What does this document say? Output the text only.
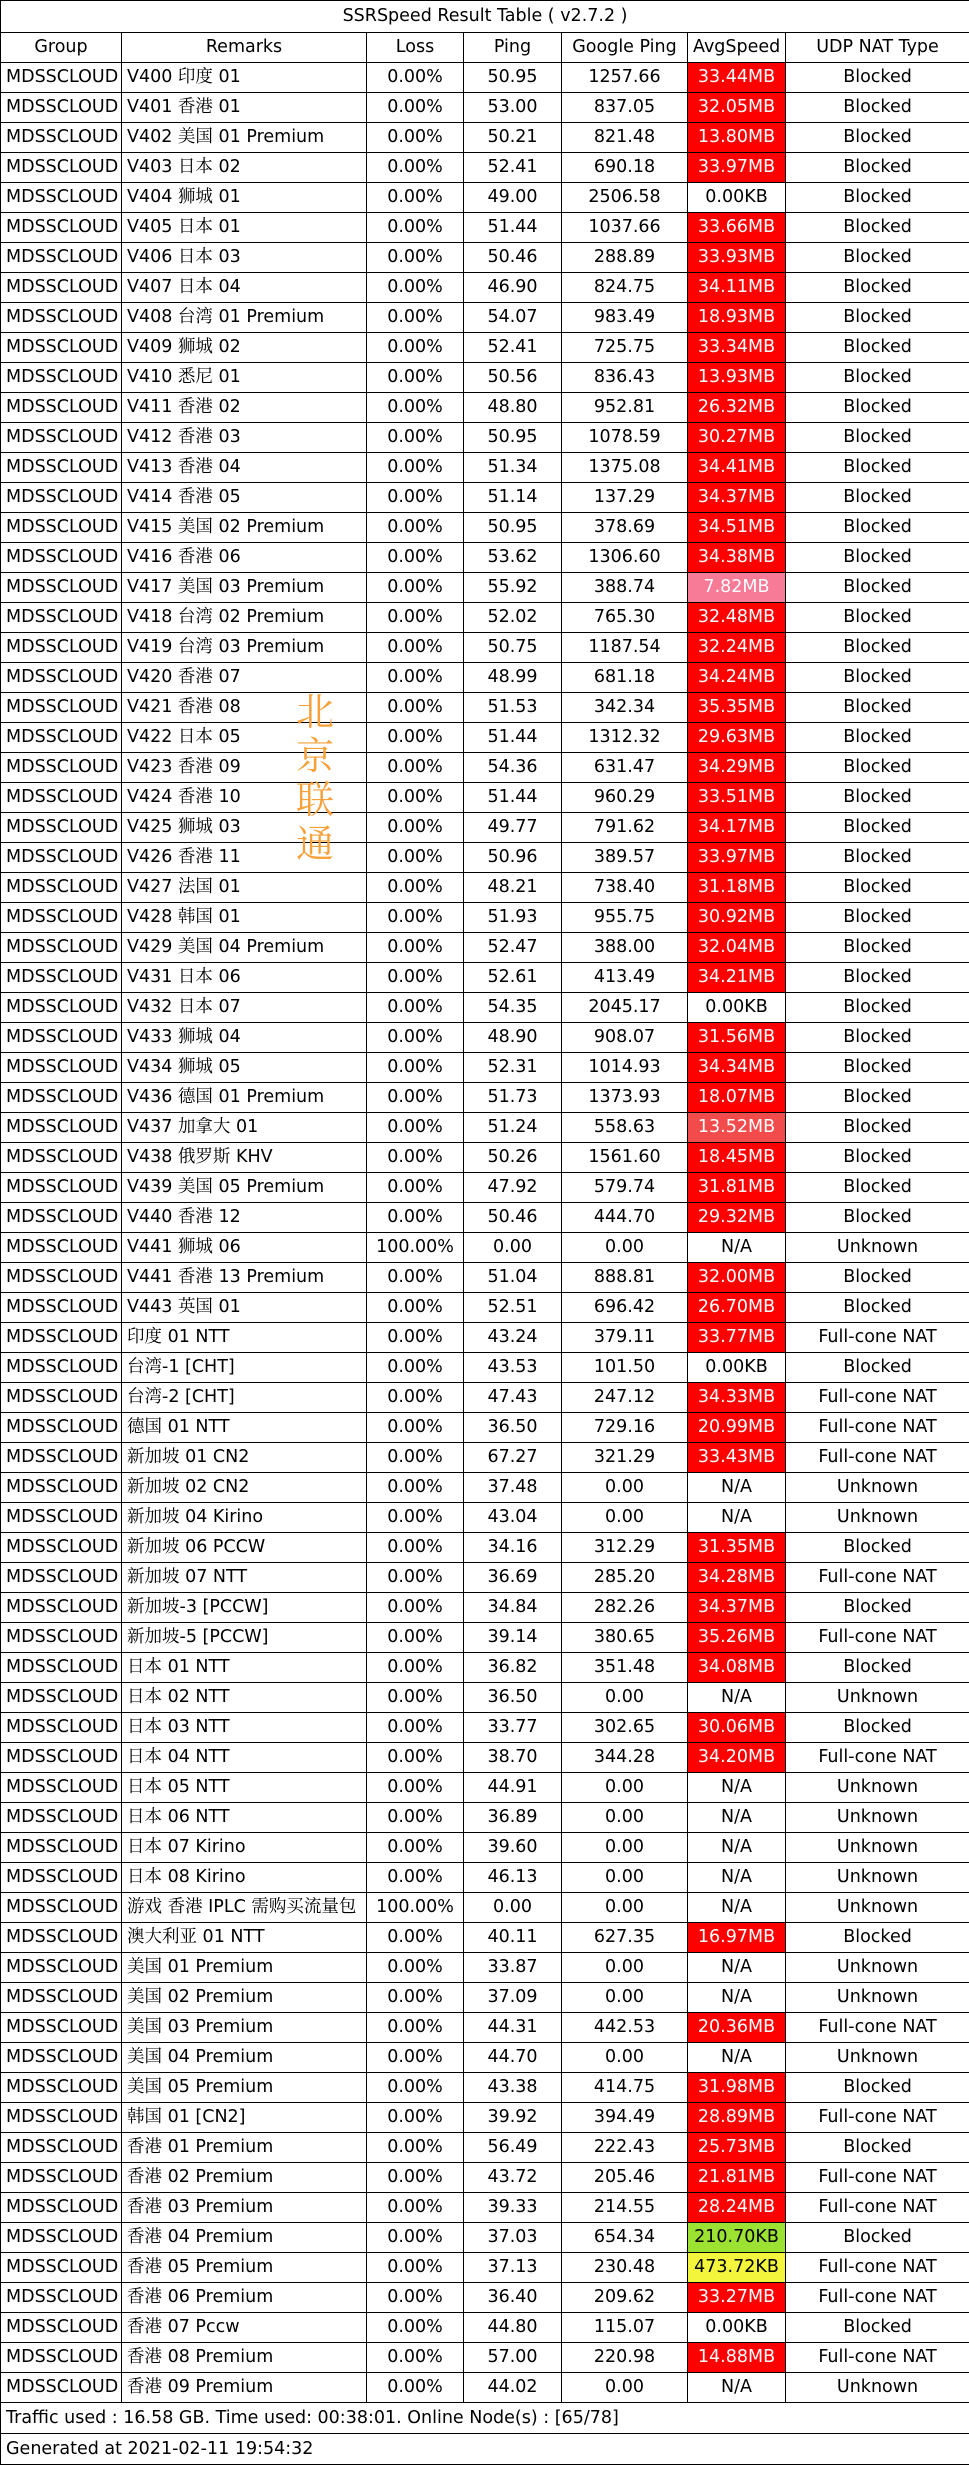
SSRSpeed Result Table ( v2.7.2 )						
Group	Remarks	Loss	Ping	Google Ping	AvgSpeed	UDP NAT Type
MDSSCLOUD	V400 印度 01	0.00%	50.95	1257.66	33.44MB	Blocked
MDSSCLOUD	V401 香港 01	0.00%	53.00	837.05	32.05MB	Blocked
MDSSCLOUD	V402 美国 01 Premium	0.00%	50.21	821.48	13.80MB	Blocked
MDSSCLOUD	V403 日本 02	0.00%	52.41	690.18	33.97MB	Blocked
MDSSCLOUD	V404 狮城 01	0.00%	49.00	2506.58	0.00KB	Blocked
MDSSCLOUD	V405 日本 01	0.00%	51.44	1037.66	33.66MB	Blocked
MDSSCLOUD	V406 日本 03	0.00%	50.46	288.89	33.93MB	Blocked
MDSSCLOUD	V407 日本 04	0.00%	46.90	824.75	34.11MB	Blocked
MDSSCLOUD	V408 台湾 01 Premium	0.00%	54.07	983.49	18.93MB	Blocked
MDSSCLOUD	V409 狮城 02	0.00%	52.41	725.75	33.34MB	Blocked
MDSSCLOUD	V410 悉尼 01	0.00%	50.56	836.43	13.93MB	Blocked
MDSSCLOUD	V411 香港 02	0.00%	48.80	952.81	26.32MB	Blocked
MDSSCLOUD	V412 香港 03	0.00%	50.95	1078.59	30.27MB	Blocked
MDSSCLOUD	V413 香港 04	0.00%	51.34	1375.08	34.41MB	Blocked
MDSSCLOUD	V414 香港 05	0.00%	51.14	137.29	34.37MB	Blocked
MDSSCLOUD	V415 美国 02 Premium	0.00%	50.95	378.69	34.51MB	Blocked
MDSSCLOUD	V416 香港 06	0.00%	53.62	1306.60	34.38MB	Blocked
MDSSCLOUD	V417 美国 03 Premium	0.00%	55.92	388.74	7.82MB	Blocked
MDSSCLOUD	V418 台湾 02 Premium	0.00%	52.02	765.30	32.48MB	Blocked
MDSSCLOUD	V419 台湾 03 Premium	0.00%	50.75	1187.54	32.24MB	Blocked
MDSSCLOUD	V420 香港 07	0.00%	48.99	681.18	34.24MB	Blocked
MDSSCLOUD	V421 香港 08	0.00%	51.53	342.34	35.35MB	Blocked
MDSSCLOUD	V422 日本 05	0.00%	51.44	1312.32	29.63MB	Blocked
MDSSCLOUD	V423 香港 09	0.00%	54.36	631.47	34.29MB	Blocked
MDSSCLOUD	V424 香港 10	0.00%	51.44	960.29	33.51MB	Blocked
MDSSCLOUD	V425 狮城 03	0.00%	49.77	791.62	34.17MB	Blocked
MDSSCLOUD	V426 香港 11	0.00%	50.96	389.57	33.97MB	Blocked
MDSSCLOUD	V427 法国 01	0.00%	48.21	738.40	31.18MB	Blocked
MDSSCLOUD	V428 韩国 01	0.00%	51.93	955.75	30.92MB	Blocked
MDSSCLOUD	V429 美国 04 Premium	0.00%	52.47	388.00	32.04MB	Blocked
MDSSCLOUD	V431 日本 06	0.00%	52.61	413.49	34.21MB	Blocked
MDSSCLOUD	V432 日本 07	0.00%	54.35	2045.17	0.00KB	Blocked
MDSSCLOUD	V433 狮城 04	0.00%	48.90	908.07	31.56MB	Blocked
MDSSCLOUD	V434 狮城 05	0.00%	52.31	1014.93	34.34MB	Blocked
MDSSCLOUD	V436 德国 01 Premium	0.00%	51.73	1373.93	18.07MB	Blocked
MDSSCLOUD	V437 加拿大 01	0.00%	51.24	558.63	13.52MB	Blocked
MDSSCLOUD	V438 俄罗斯 KHV	0.00%	50.26	1561.60	18.45MB	Blocked
MDSSCLOUD	V439 美国 05 Premium	0.00%	47.92	579.74	31.81MB	Blocked
MDSSCLOUD	V440 香港 12	0.00%	50.46	444.70	29.32MB	Blocked
MDSSCLOUD	V441 狮城 06	100.00%	0.00	0.00	N/A	Unknown
MDSSCLOUD	V441 香港 13 Premium	0.00%	51.04	888.81	32.00MB	Blocked
MDSSCLOUD	V443 英国 01	0.00%	52.51	696.42	26.70MB	Blocked
MDSSCLOUD	印度 01 NTT	0.00%	43.24	379.11	33.77MB	Full-cone NAT
MDSSCLOUD	台湾-1 [CHT]	0.00%	43.53	101.50	0.00KB	Blocked
MDSSCLOUD	台湾-2 [CHT]	0.00%	47.43	247.12	34.33MB	Full-cone NAT
MDSSCLOUD	德国 01 NTT	0.00%	36.50	729.16	20.99MB	Full-cone NAT
MDSSCLOUD	新加坡 01 CN2	0.00%	67.27	321.29	33.43MB	Full-cone NAT
MDSSCLOUD	新加坡 02 CN2	0.00%	37.48	0.00	N/A	Unknown
MDSSCLOUD	新加坡 04 Kirino	0.00%	43.04	0.00	N/A	Unknown
MDSSCLOUD	新加坡 06 PCCW	0.00%	34.16	312.29	31.35MB	Blocked
MDSSCLOUD	新加坡 07 NTT	0.00%	36.69	285.20	34.28MB	Full-cone NAT
MDSSCLOUD	新加坡-3 [PCCW]	0.00%	34.84	282.26	34.37MB	Blocked
MDSSCLOUD	新加坡-5 [PCCW]	0.00%	39.14	380.65	35.26MB	Full-cone NAT
MDSSCLOUD	日本 01 NTT	0.00%	36.82	351.48	34.08MB	Blocked
MDSSCLOUD	日本 02 NTT	0.00%	36.50	0.00	N/A	Unknown
MDSSCLOUD	日本 03 NTT	0.00%	33.77	302.65	30.06MB	Blocked
MDSSCLOUD	日本 04 NTT	0.00%	38.70	344.28	34.20MB	Full-cone NAT
MDSSCLOUD	日本 05 NTT	0.00%	44.91	0.00	N/A	Unknown
MDSSCLOUD	日本 06 NTT	0.00%	36.89	0.00	N/A	Unknown
MDSSCLOUD	日本 07 Kirino	0.00%	39.60	0.00	N/A	Unknown
MDSSCLOUD	日本 08 Kirino	0.00%	46.13	0.00	N/A	Unknown
MDSSCLOUD	游戏 香港 IPLC 需购买流量包	100.00%	0.00	0.00	N/A	Unknown
MDSSCLOUD	澳大利亚 01 NTT	0.00%	40.11	627.35	16.97MB	Blocked
MDSSCLOUD	美国 01 Premium	0.00%	33.87	0.00	N/A	Unknown
MDSSCLOUD	美国 02 Premium	0.00%	37.09	0.00	N/A	Unknown
MDSSCLOUD	美国 03 Premium	0.00%	44.31	442.53	20.36MB	Full-cone NAT
MDSSCLOUD	美国 04 Premium	0.00%	44.70	0.00	N/A	Unknown
MDSSCLOUD	美国 05 Premium	0.00%	43.38	414.75	31.98MB	Blocked
MDSSCLOUD	韩国 01 [CN2]	0.00%	39.92	394.49	28.89MB	Full-cone NAT
MDSSCLOUD	香港 01 Premium	0.00%	56.49	222.43	25.73MB	Blocked
MDSSCLOUD	香港 02 Premium	0.00%	43.72	205.46	21.81MB	Full-cone NAT
MDSSCLOUD	香港 03 Premium	0.00%	39.33	214.55	28.24MB	Full-cone NAT
MDSSCLOUD	香港 04 Premium	0.00%	37.03	654.34	210.70KB	Blocked
MDSSCLOUD	香港 05 Premium	0.00%	37.13	230.48	473.72KB	Full-cone NAT
MDSSCLOUD	香港 06 Premium	0.00%	36.40	209.62	33.27MB	Full-cone NAT
MDSSCLOUD	香港 07 Pccw	0.00%	44.80	115.07	0.00KB	Blocked
MDSSCLOUD	香港 08 Premium	0.00%	57.00	220.98	14.88MB	Full-cone NAT
MDSSCLOUD	香港 09 Premium	0.00%	44.02	0.00	N/A	Unknown
Traffic used : 16.58 GB. Time used: 00:38:01. Online Node(s) : [65/78]						
Generated at 2021-02-11 19:54:32						
北
京
联
通
